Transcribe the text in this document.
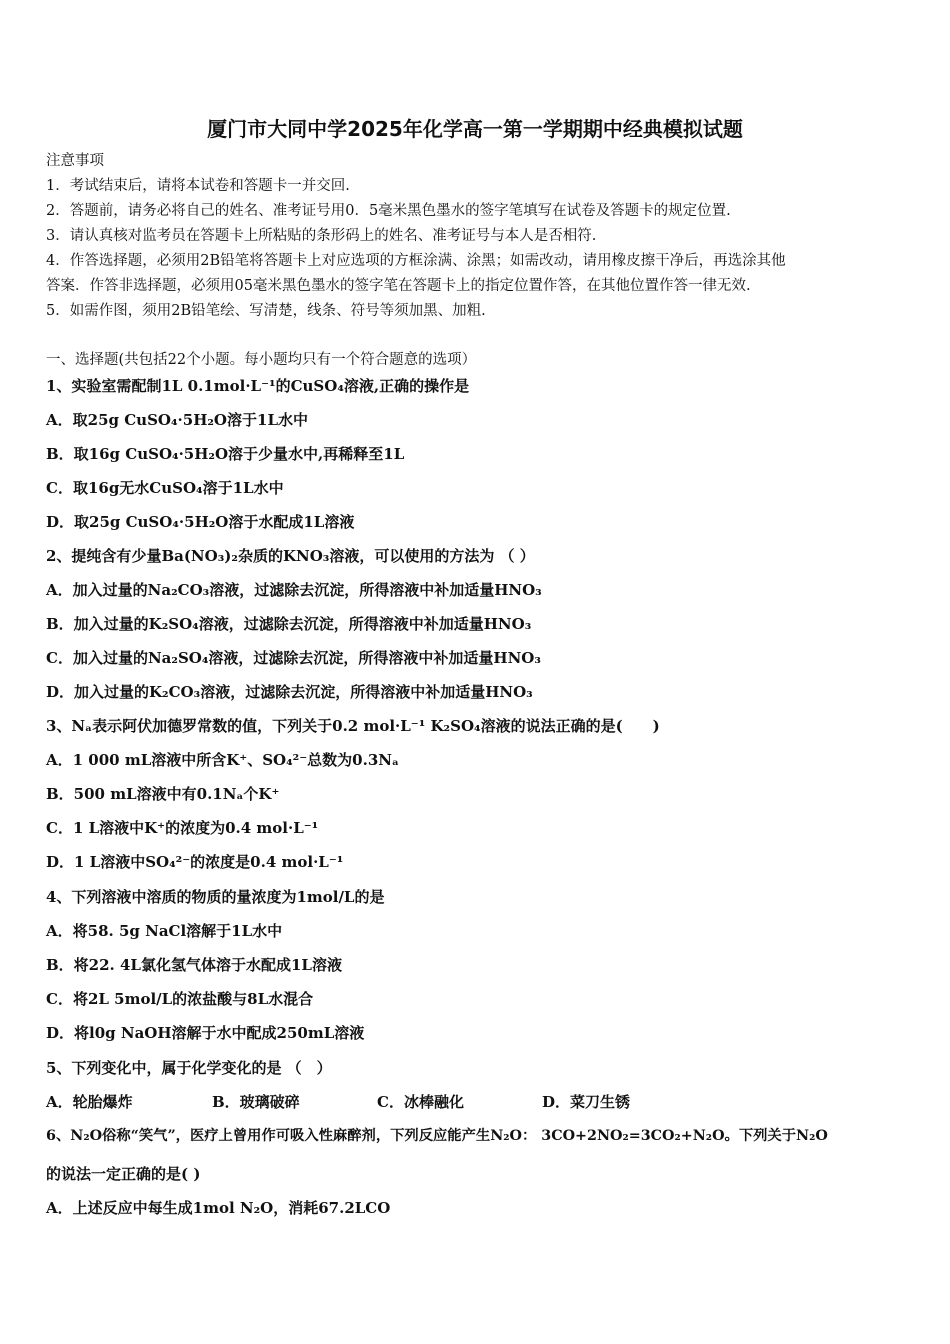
厦门市大同中学2025年化学高一第一学期期中经典模拟试题
注意事项
1．考试结束后，请将本试卷和答题卡一并交回.
2．答题前，请务必将自己的姓名、准考证号用0．5毫米黑色墨水的签字笔填写在试卷及答题卡的规定位置.
3．请认真核对监考员在答题卡上所粘贴的条形码上的姓名、准考证号与本人是否相符.
4．作答选择题，必须用2B铅笔将答题卡上对应选项的方框涂满、涂黑；如需改动，请用橡皮擦干净后，再选涂其他
答案．作答非选择题，必须用05毫米黑色墨水的签字笔在答题卡上的指定位置作答，在其他位置作答一律无效.
5．如需作图，须用2B铅笔绘、写清楚，线条、符号等须加黑、加粗.
一、选择题(共包括22个小题。每小题均只有一个符合题意的选项）
1、实验室需配制1L 0.1mol·L⁻¹的CuSO₄溶液,正确的操作是
A．取25g CuSO₄·5H₂O溶于1L水中
B．取16g CuSO₄·5H₂O溶于少量水中,再稀释至1L
C．取16g无水CuSO₄溶于1L水中
D．取25g CuSO₄·5H₂O溶于水配成1L溶液
2、提纯含有少量Ba(NO₃)₂杂质的KNO₃溶液，可以使用的方法为 （ ）
A．加入过量的Na₂CO₃溶液，过滤除去沉淀，所得溶液中补加适量HNO₃
B．加入过量的K₂SO₄溶液，过滤除去沉淀，所得溶液中补加适量HNO₃
C．加入过量的Na₂SO₄溶液，过滤除去沉淀，所得溶液中补加适量HNO₃
D．加入过量的K₂CO₃溶液，过滤除去沉淀，所得溶液中补加适量HNO₃
3、Nₐ表示阿伏加德罗常数的值，下列关于0.2 mol·L⁻¹ K₂SO₄溶液的说法正确的是(　　)
A．1 000 mL溶液中所含K⁺、SO₄²⁻总数为0.3Nₐ
B．500 mL溶液中有0.1Nₐ个K⁺
C．1 L溶液中K⁺的浓度为0.4 mol·L⁻¹
D．1 L溶液中SO₄²⁻的浓度是0.4 mol·L⁻¹
4、下列溶液中溶质的物质的量浓度为1mol/L的是
A．将58. 5g NaCl溶解于1L水中
B．将22. 4L氯化氢气体溶于水配成1L溶液
C．将2L 5mol/L的浓盐酸与8L水混合
D．将l0g NaOH溶解于水中配成250mL溶液
5、下列变化中，属于化学变化的是 （　）
A．轮胎爆炸	B．玻璃破碎	C．冰棒融化	D．菜刀生锈
6、N₂O俗称“笑气”，医疗上曾用作可吸入性麻醉剂，下列反应能产生N₂O： 3CO+2NO₂=3CO₂+N₂O。下列关于N₂O
的说法一定正确的是( )
A．上述反应中每生成1mol N₂O，消耗67.2LCO
